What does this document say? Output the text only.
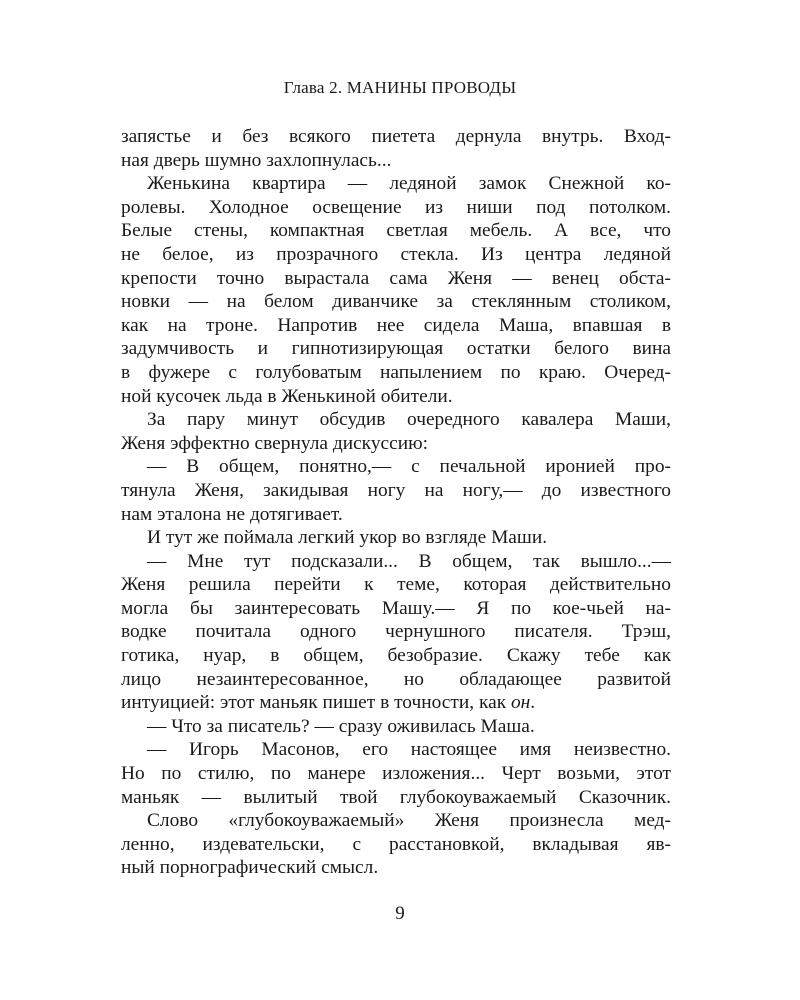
Глава 2. МАНИНЫ ПРОВОДЫ
запястье и без всякого пиетета дернула внутрь. Вход-
ная дверь шумно захлопнулась...
Женькина квартира — ледяной замок Снежной ко-
ролевы. Холодное освещение из ниши под потолком.
Белые стены, компактная светлая мебель. А все, что
не белое, из прозрачного стекла. Из центра ледяной
крепости точно вырастала сама Женя — венец обста-
новки — на белом диванчике за стеклянным столиком,
как на троне. Напротив нее сидела Маша, впавшая в
задумчивость и гипнотизирующая остатки белого вина
в фужере с голубоватым напылением по краю. Очеред-
ной кусочек льда в Женькиной обители.
За пару минут обсудив очередного кавалера Маши,
Женя эффектно свернула дискуссию:
— В общем, понятно,— с печальной иронией про-
тянула Женя, закидывая ногу на ногу,— до известного
нам эталона не дотягивает.
И тут же поймала легкий укор во взгляде Маши.
— Мне тут подсказали... В общем, так вышло...—
Женя решила перейти к теме, которая действительно
могла бы заинтересовать Машу.— Я по кое-чьей на-
водке почитала одного чернушного писателя. Трэш,
готика, нуар, в общем, безобразие. Скажу тебе как
лицо незаинтересованное, но обладающее развитой
интуицией: этот маньяк пишет в точности, как он.
— Что за писатель? — сразу оживилась Маша.
— Игорь Масонов, его настоящее имя неизвестно.
Но по стилю, по манере изложения... Черт возьми, этот
маньяк — вылитый твой глубокоуважаемый Сказочник.
Слово «глубокоуважаемый» Женя произнесла мед-
ленно, издевательски, с расстановкой, вкладывая яв-
ный порнографический смысл.
9
